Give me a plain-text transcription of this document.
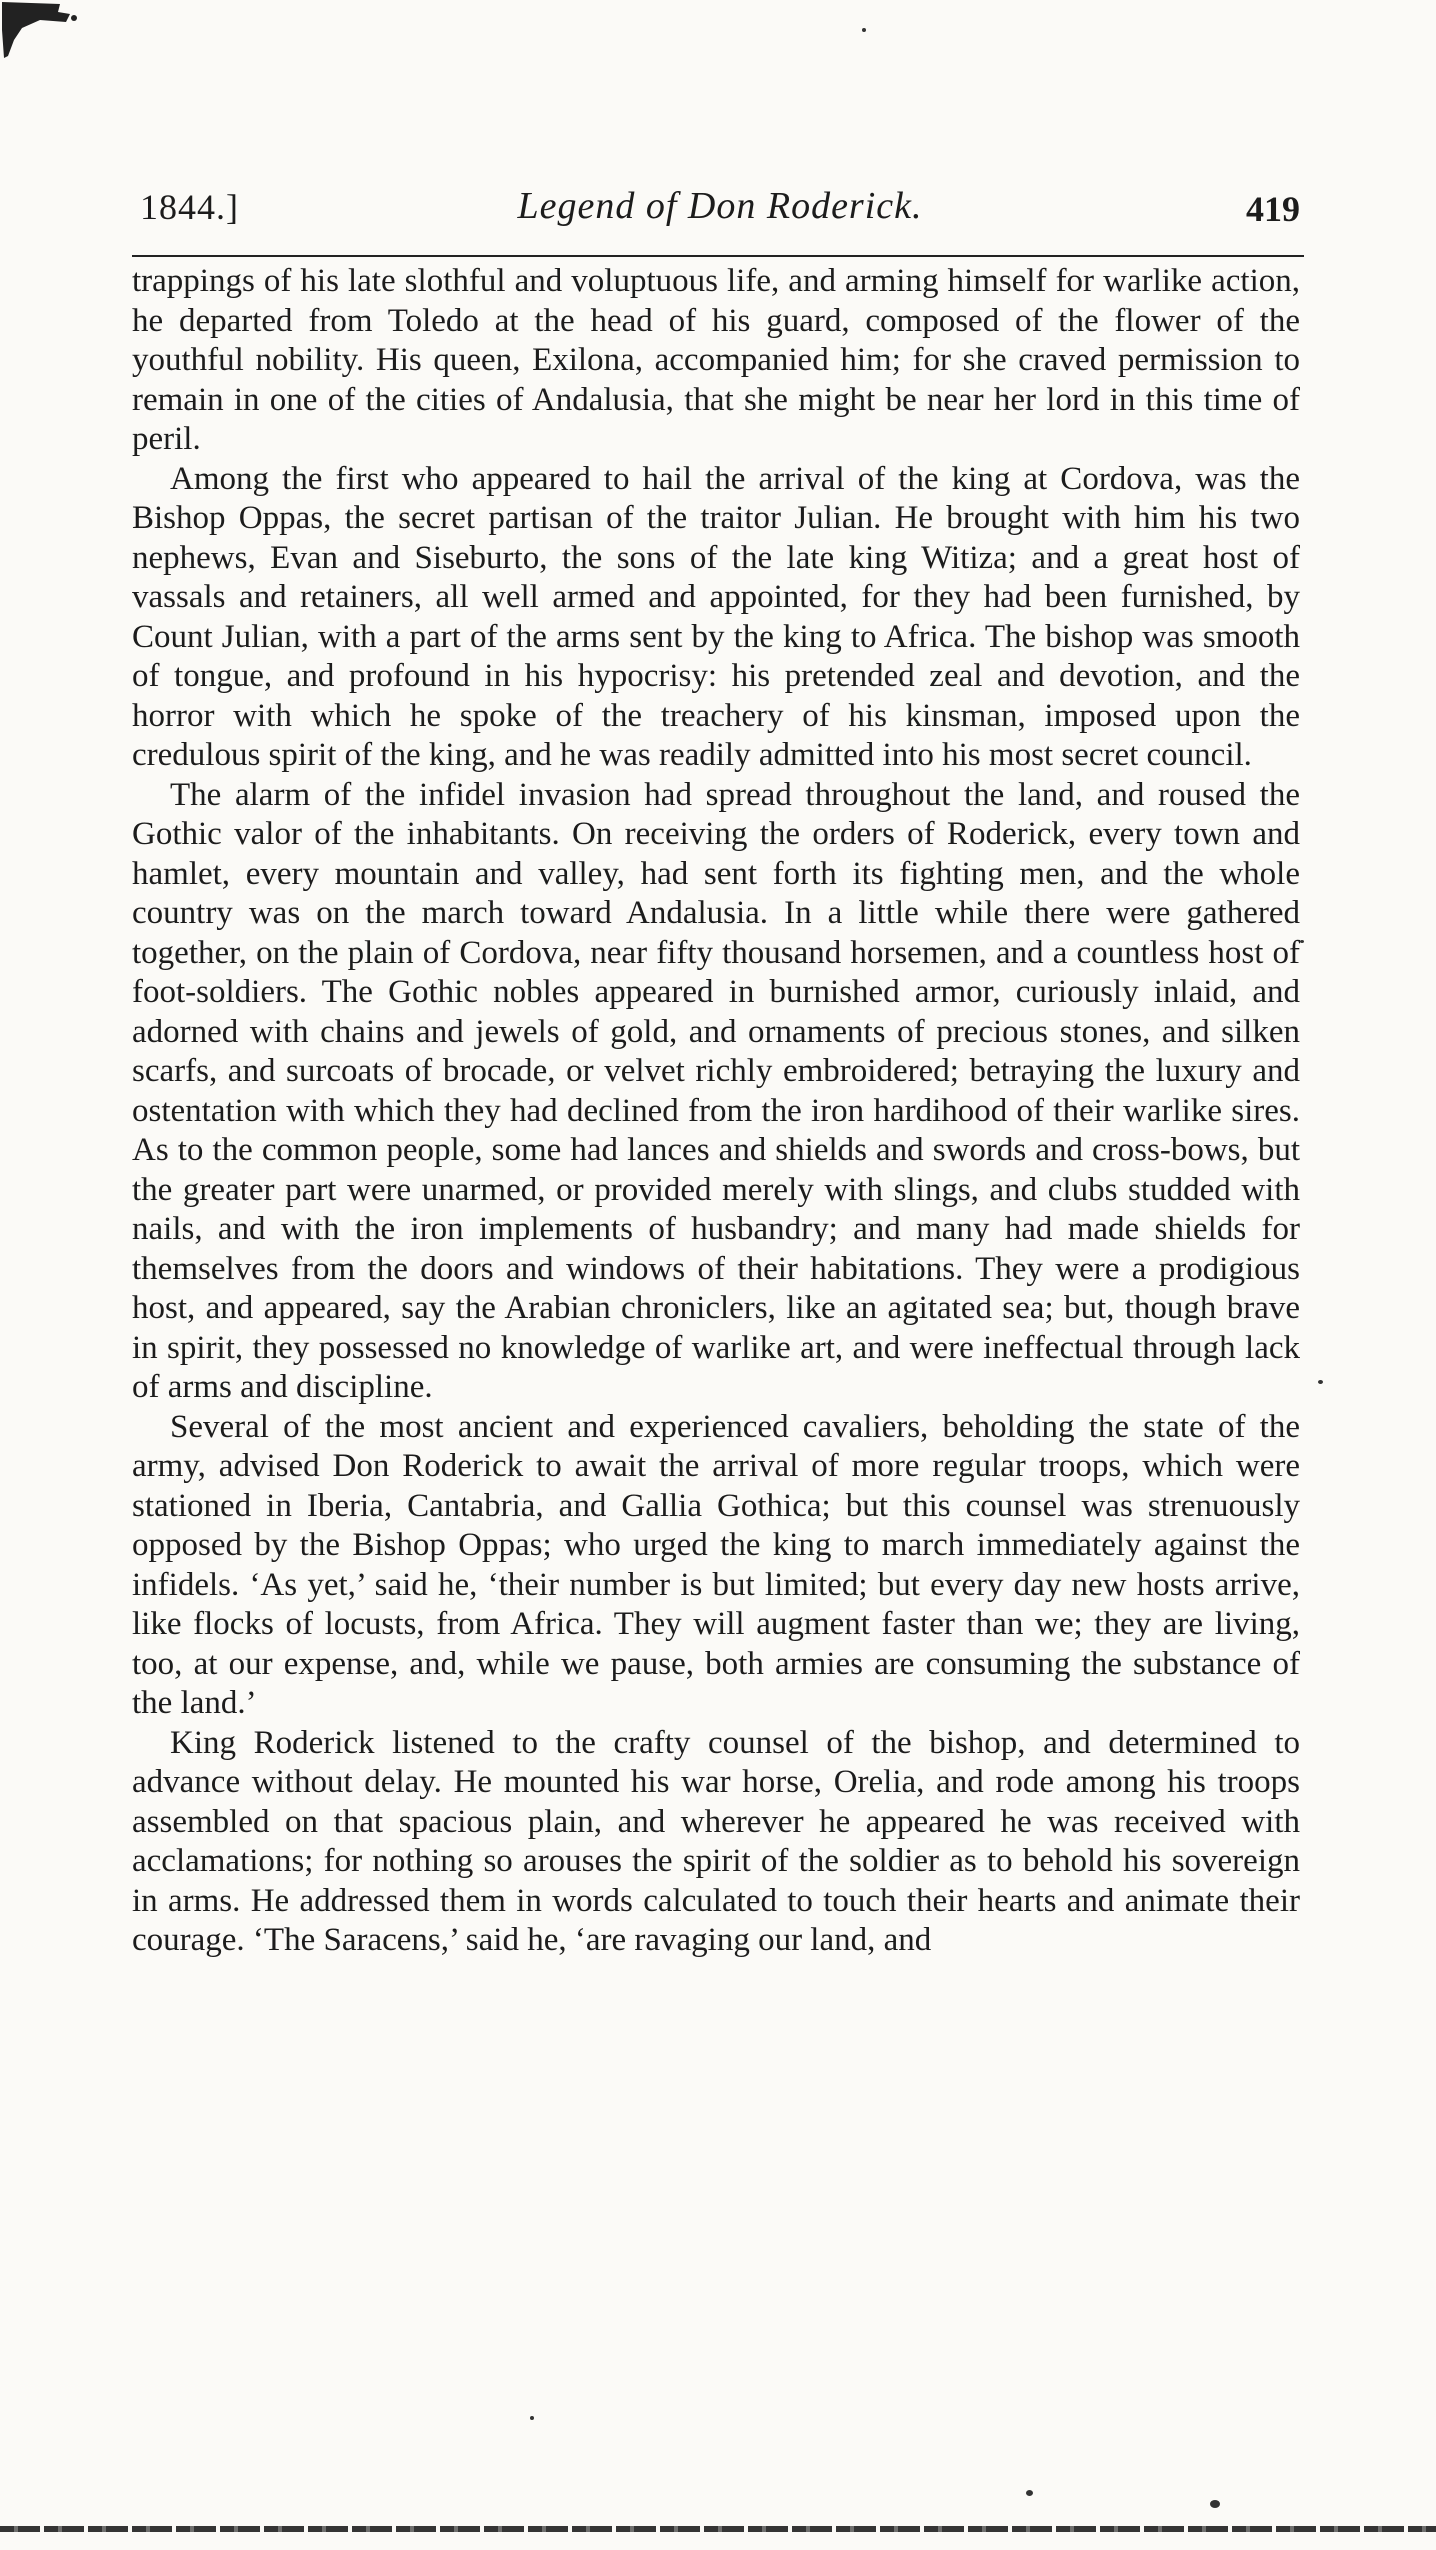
1844.]	Legend of Don Roderick.	419

trappings of his late slothful and voluptuous life, and arming himself for warlike action, he departed from Toledo at the head of his guard, composed of the flower of the youthful nobility. His queen, Exilona, accompanied him; for she craved permission to remain in one of the cities of Andalusia, that she might be near her lord in this time of peril.

Among the first who appeared to hail the arrival of the king at Cordova, was the Bishop Oppas, the secret partisan of the traitor Julian. He brought with him his two nephews, Evan and Siseburto, the sons of the late king Witiza; and a great host of vassals and retainers, all well armed and appointed, for they had been furnished, by Count Julian, with a part of the arms sent by the king to Africa. The bishop was smooth of tongue, and profound in his hypocrisy: his pretended zeal and devotion, and the horror with which he spoke of the treachery of his kinsman, imposed upon the credulous spirit of the king, and he was readily admitted into his most secret council.

The alarm of the infidel invasion had spread throughout the land, and roused the Gothic valor of the inhabitants. On receiving the orders of Roderick, every town and hamlet, every mountain and valley, had sent forth its fighting men, and the whole country was on the march toward Andalusia. In a little while there were gathered together, on the plain of Cordova, near fifty thousand horsemen, and a countless host of foot-soldiers. The Gothic nobles appeared in burnished armor, curiously inlaid, and adorned with chains and jewels of gold, and ornaments of precious stones, and silken scarfs, and surcoats of brocade, or velvet richly embroidered; betraying the luxury and ostentation with which they had declined from the iron hardihood of their warlike sires. As to the common people, some had lances and shields and swords and cross-bows, but the greater part were unarmed, or provided merely with slings, and clubs studded with nails, and with the iron implements of husbandry; and many had made shields for themselves from the doors and windows of their habitations. They were a prodigious host, and appeared, say the Arabian chroniclers, like an agitated sea; but, though brave in spirit, they possessed no knowledge of warlike art, and were ineffectual through lack of arms and discipline.

Several of the most ancient and experienced cavaliers, beholding the state of the army, advised Don Roderick to await the arrival of more regular troops, which were stationed in Iberia, Cantabria, and Gallia Gothica; but this counsel was strenuously opposed by the Bishop Oppas; who urged the king to march immediately against the infidels. ‘As yet,’ said he, ‘their number is but limited; but every day new hosts arrive, like flocks of locusts, from Africa. They will augment faster than we; they are living, too, at our expense, and, while we pause, both armies are consuming the substance of the land.’

King Roderick listened to the crafty counsel of the bishop, and determined to advance without delay. He mounted his war horse, Orelia, and rode among his troops assembled on that spacious plain, and wherever he appeared he was received with acclamations; for nothing so arouses the spirit of the soldier as to behold his sovereign in arms. He addressed them in words calculated to touch their hearts and animate their courage. ‘The Saracens,’ said he, ‘are ravaging our land, and
